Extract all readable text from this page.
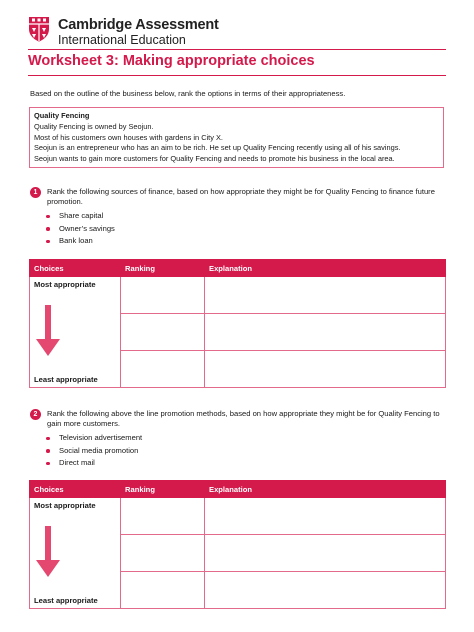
Cambridge Assessment
International Education
Worksheet 3: Making appropriate choices
Based on the outline of the business below, rank the options in terms of their appropriateness.
Quality Fencing
Quality Fencing is owned by Seojun.
Most of his customers own houses with gardens in City X.
Seojun is an entrepreneur who has an aim to be rich. He set up Quality Fencing recently using all of his savings.
Seojun wants to gain more customers for Quality Fencing and needs to promote his business in the local area.
1	Rank the following sources of finance, based on how appropriate they might be for Quality Fencing to finance future promotion.
Share capital
Owner’s savings
Bank loan
Choices	Ranking	Explanation

Most appropriate
Least appropriate		

2	Rank the following above the line promotion methods, based on how appropriate they might be for Quality Fencing to gain more customers.
Television advertisement
Social media promotion
Direct mail
Choices	Ranking	Explanation

Most appropriate
Least appropriate		
